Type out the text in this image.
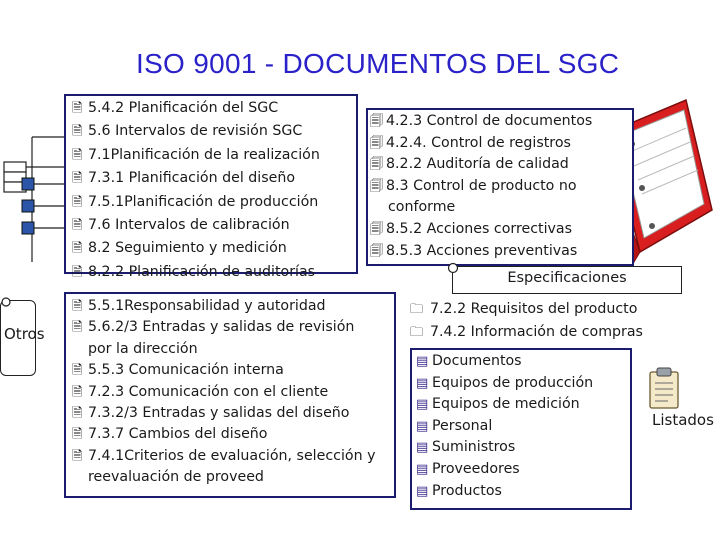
ISO 9001 - DOCUMENTOS DEL SGC
🗎 5.4.2 Planificación del SGC
🗎 5.6 Intervalos de revisión SGC
🗎 7.1Planificación de la realización
🗎 7.3.1 Planificación del diseño
🗎 7.5.1Planificación de producción
🗎 7.6 Intervalos de calibración
🗎 8.2 Seguimiento y medición
🗎 8.2.2 Planificación de auditorías
🗐 4.2.3 Control de documentos
🗐 4.2.4. Control de registros
🗐 8.2.2 Auditoría de calidad
🗐 8.3 Control de producto no
conforme
🗐 8.5.2 Acciones correctivas
🗐 8.5.3 Acciones preventivas
Especificaciones
🗀 7.2.2 Requisitos del producto
🗀 7.4.2 Información de compras
Otros
🗎 5.5.1Responsabilidad y autoridad
🗎 5.6.2/3 Entradas y salidas de revisión
por la dirección
🗎 5.5.3 Comunicación interna
🗎 7.2.3 Comunicación con el cliente
🗎 7.3.2/3 Entradas y salidas del diseño
🗎 7.3.7 Cambios del diseño
🗎 7.4.1Criterios de evaluación, selección y
reevaluación de proveed
▤ Documentos
▤ Equipos de producción
▤ Equipos de medición
▤ Personal
▤ Suministros
▤ Proveedores
▤ Productos
Listados
